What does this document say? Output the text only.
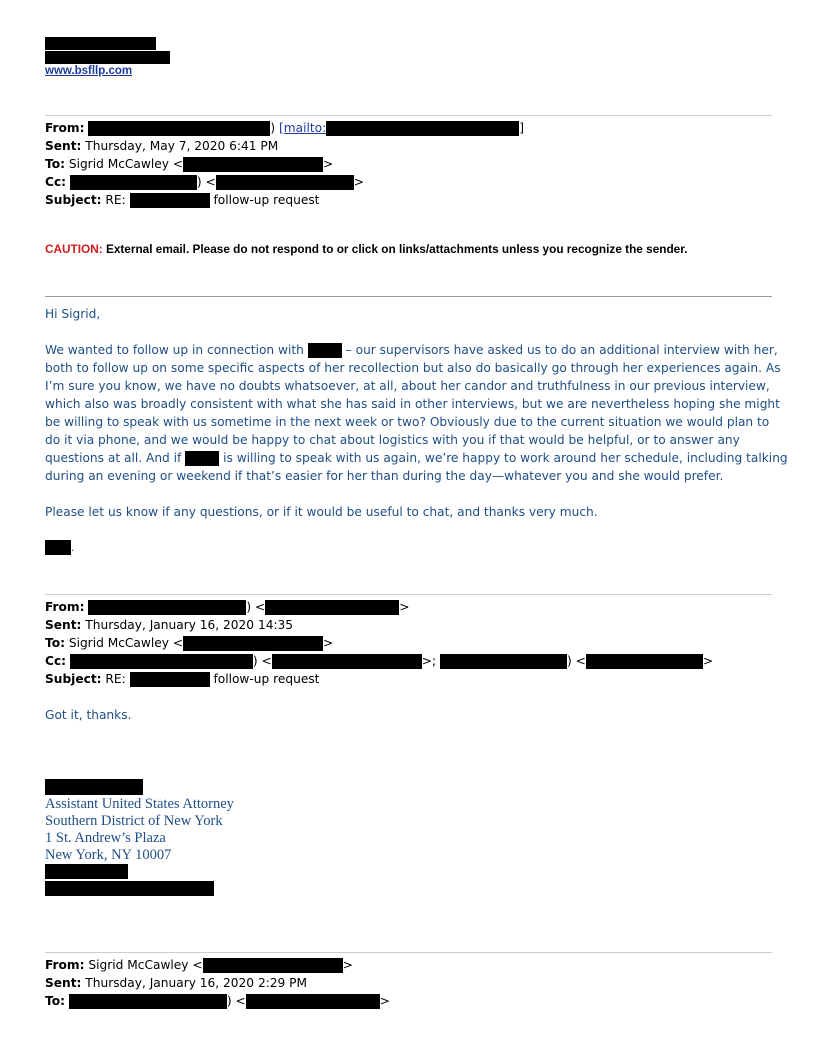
www.bsfllp.com
From:	) [mailto:	]
Sent: Thursday, May 7, 2020 6:41 PM
To: Sigrid McCawley <	>
Cc:	) <	>
Subject: RE:	follow-up request
CAUTION: External email. Please do not respond to or click on links/attachments unless you recognize the sender.
Hi Sigrid,
We wanted to follow up in connection with	– our supervisors have asked us to do an additional interview with her,
both to follow up on some specific aspects of her recollection but also do basically go through her experiences again. As
I’m sure you know, we have no doubts whatsoever, at all, about her candor and truthfulness in our previous interview,
which also was broadly consistent with what she has said in other interviews, but we are nevertheless hoping she might
be willing to speak with us sometime in the next week or two? Obviously due to the current situation we would plan to
do it via phone, and we would be happy to chat about logistics with you if that would be helpful, or to answer any
questions at all. And if	is willing to speak with us again, we’re happy to work around her schedule, including talking
during an evening or weekend if that’s easier for her than during the day—whatever you and she would prefer.
Please let us know if any questions, or if it would be useful to chat, and thanks very much.
.
From:	) <	>
Sent: Thursday, January 16, 2020 14:35
To: Sigrid McCawley <	>
Cc:	) <	>;	) <	>
Subject: RE:	follow-up request
Got it, thanks.
Assistant United States Attorney
Southern District of New York
1 St. Andrew’s Plaza
New York, NY 10007
From: Sigrid McCawley <	>
Sent: Thursday, January 16, 2020 2:29 PM
To:	) <	>
